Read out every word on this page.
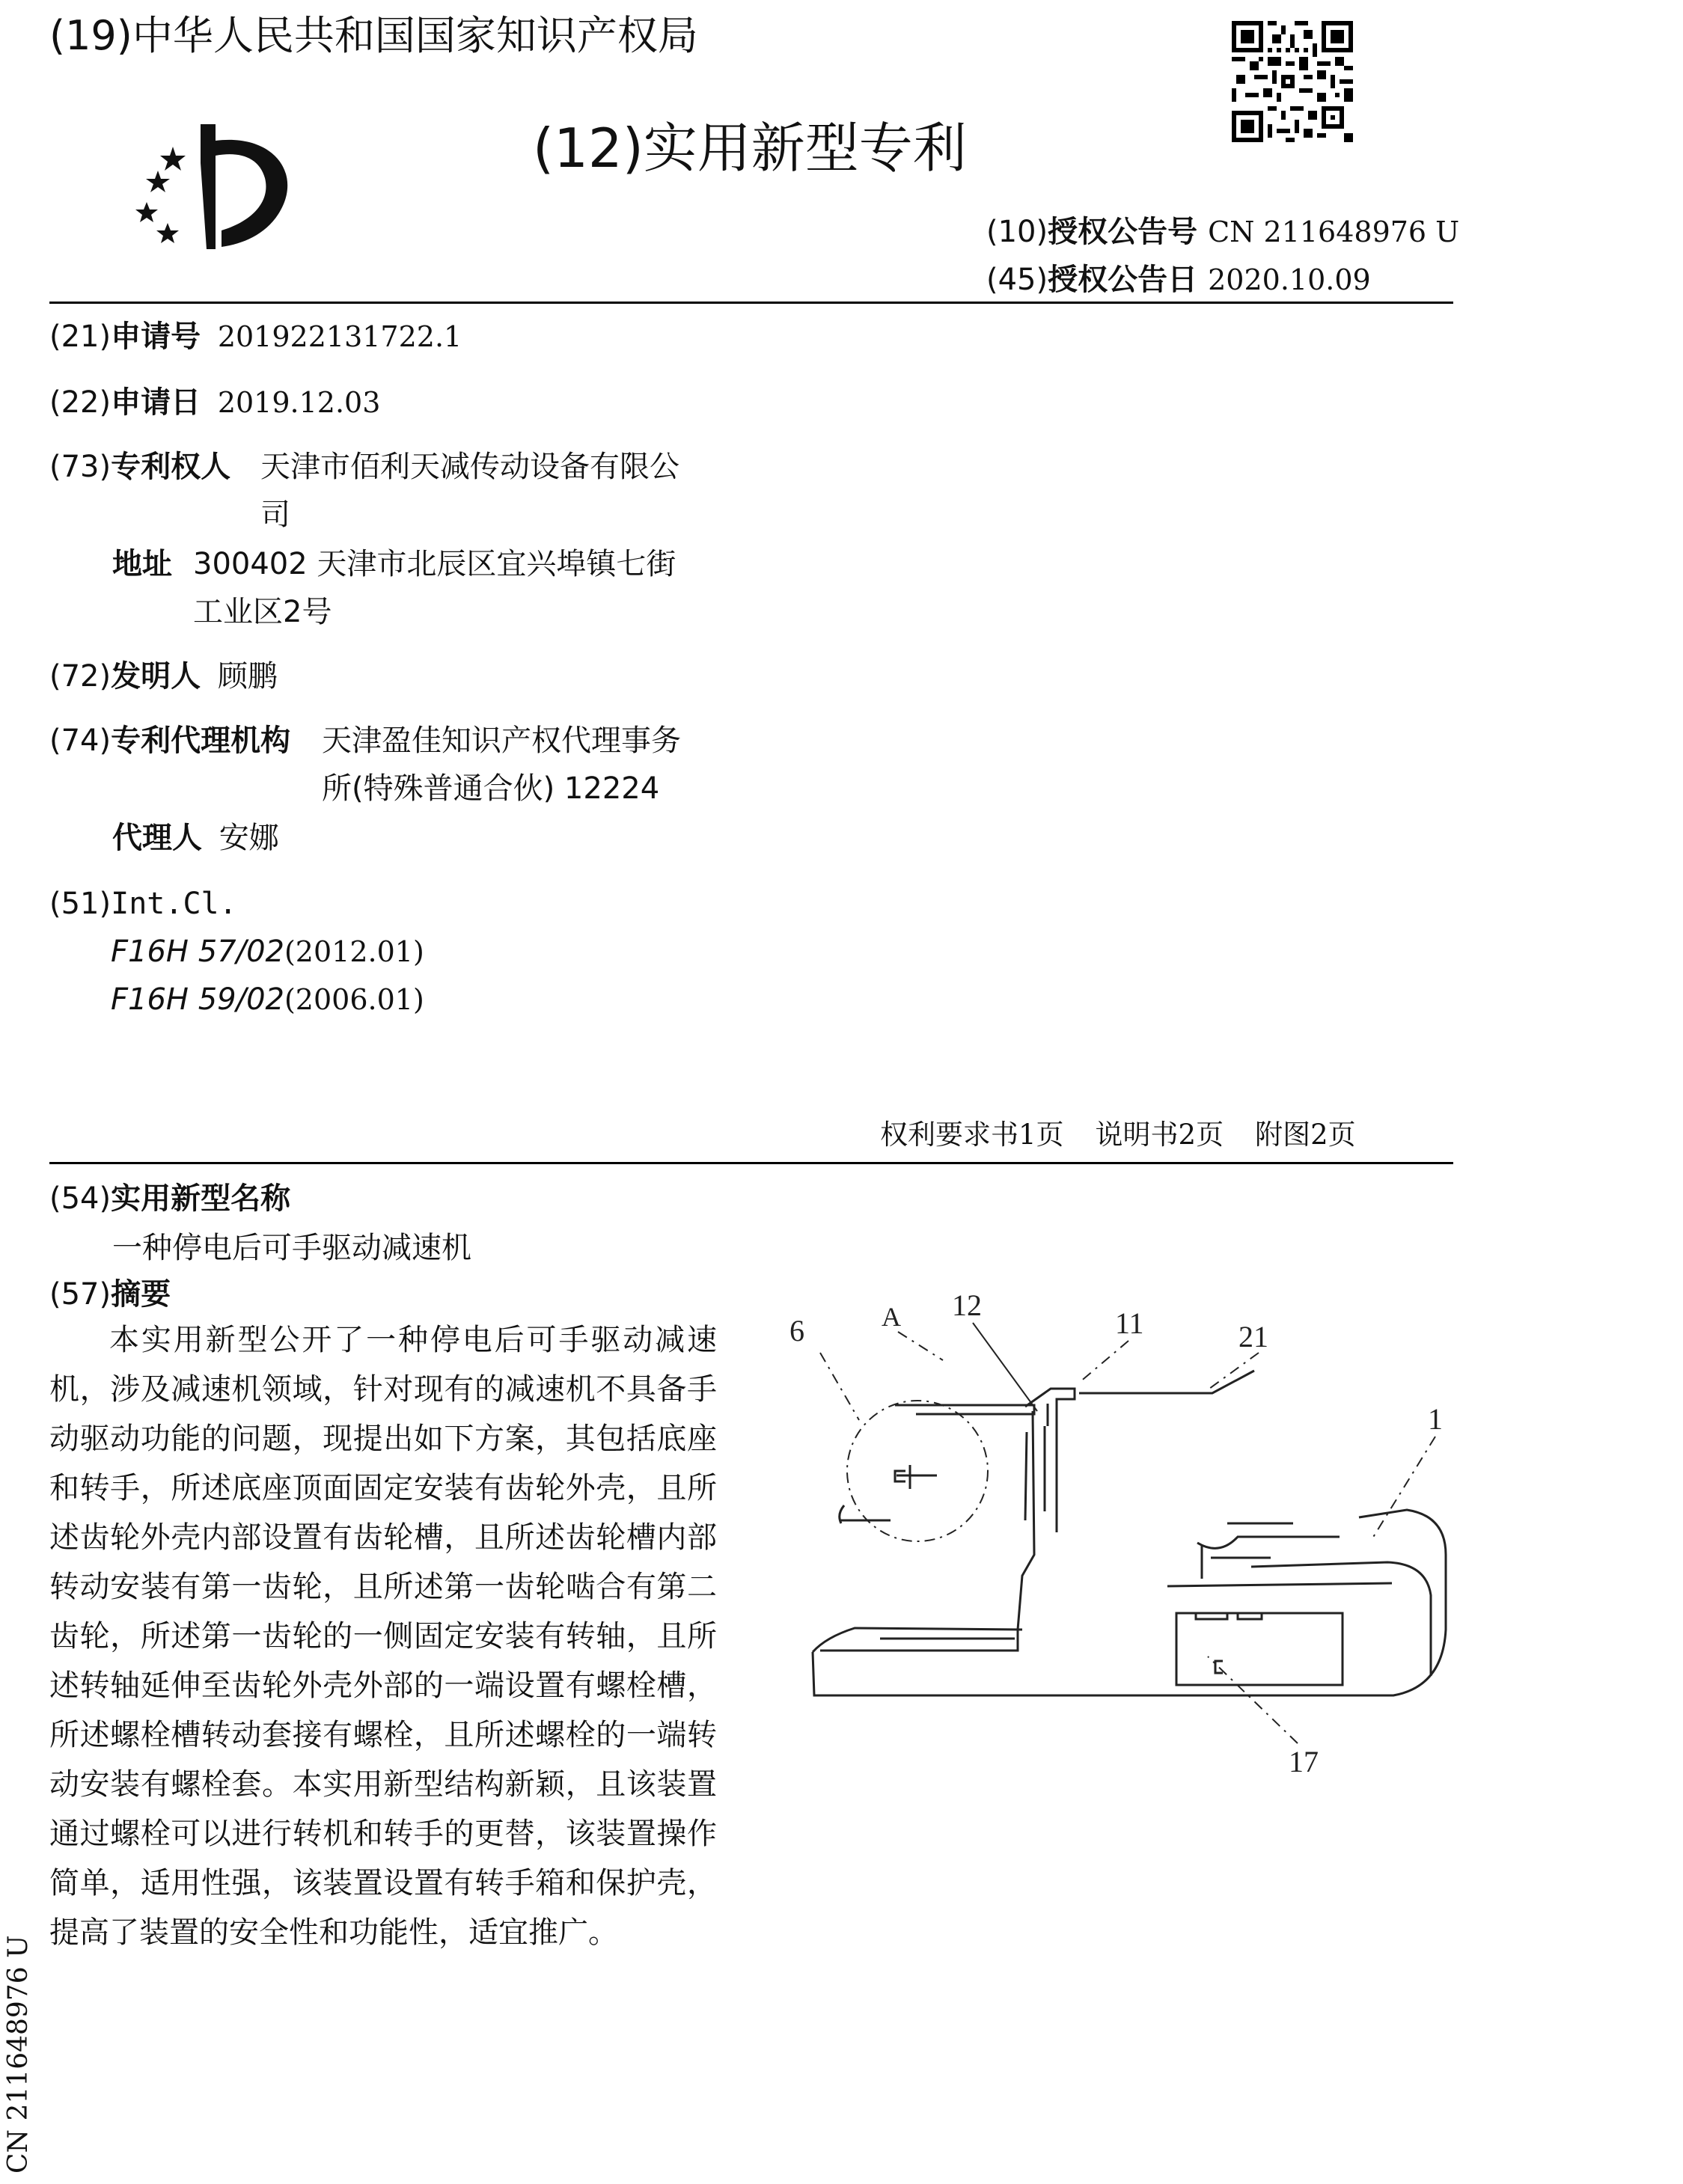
(19)中华人民共和国国家知识产权局
(12)实用新型专利
(10)授权公告号 CN 211648976 U
(45)授权公告日 2020.10.09
(21)申请号 201922131722.1
(22)申请日 2019.12.03
(73)专利权人 天津市佰利天减传动设备有限公
司
地址 300402 天津市北辰区宜兴埠镇七街
工业区2号
(72)发明人 顾鹏
(74)专利代理机构 天津盈佳知识产权代理事务
所(特殊普通合伙) 12224
代理人 安娜
(51)Int.Cl.
F16H 57/02(2012.01)
F16H 59/02(2006.01)
权利要求书1页 说明书2页 附图2页
(54)实用新型名称
一种停电后可手驱动减速机
(57)摘要
本实用新型公开了一种停电后可手驱动减速机，涉及减速机领域，针对现有的减速机不具备手动驱动功能的问题，现提出如下方案，其包括底座和转手，所述底座顶面固定安装有齿轮外壳，且所述齿轮外壳内部设置有齿轮槽，且所述齿轮槽内部转动安装有第一齿轮，且所述第一齿轮啮合有第二齿轮，所述第一齿轮的一侧固定安装有转轴，且所述转轴延伸至齿轮外壳外部的一端设置有螺栓槽，所述螺栓槽转动套接有螺栓，且所述螺栓的一端转动安装有螺栓套。本实用新型结构新颖，且该装置通过螺栓可以进行转机和转手的更替，该装置操作简单，适用性强，该装置设置有转手箱和保护壳，提高了装置的安全性和功能性，适宜推广。
6	A 12
11	21
1
17
CN 211648976 U
